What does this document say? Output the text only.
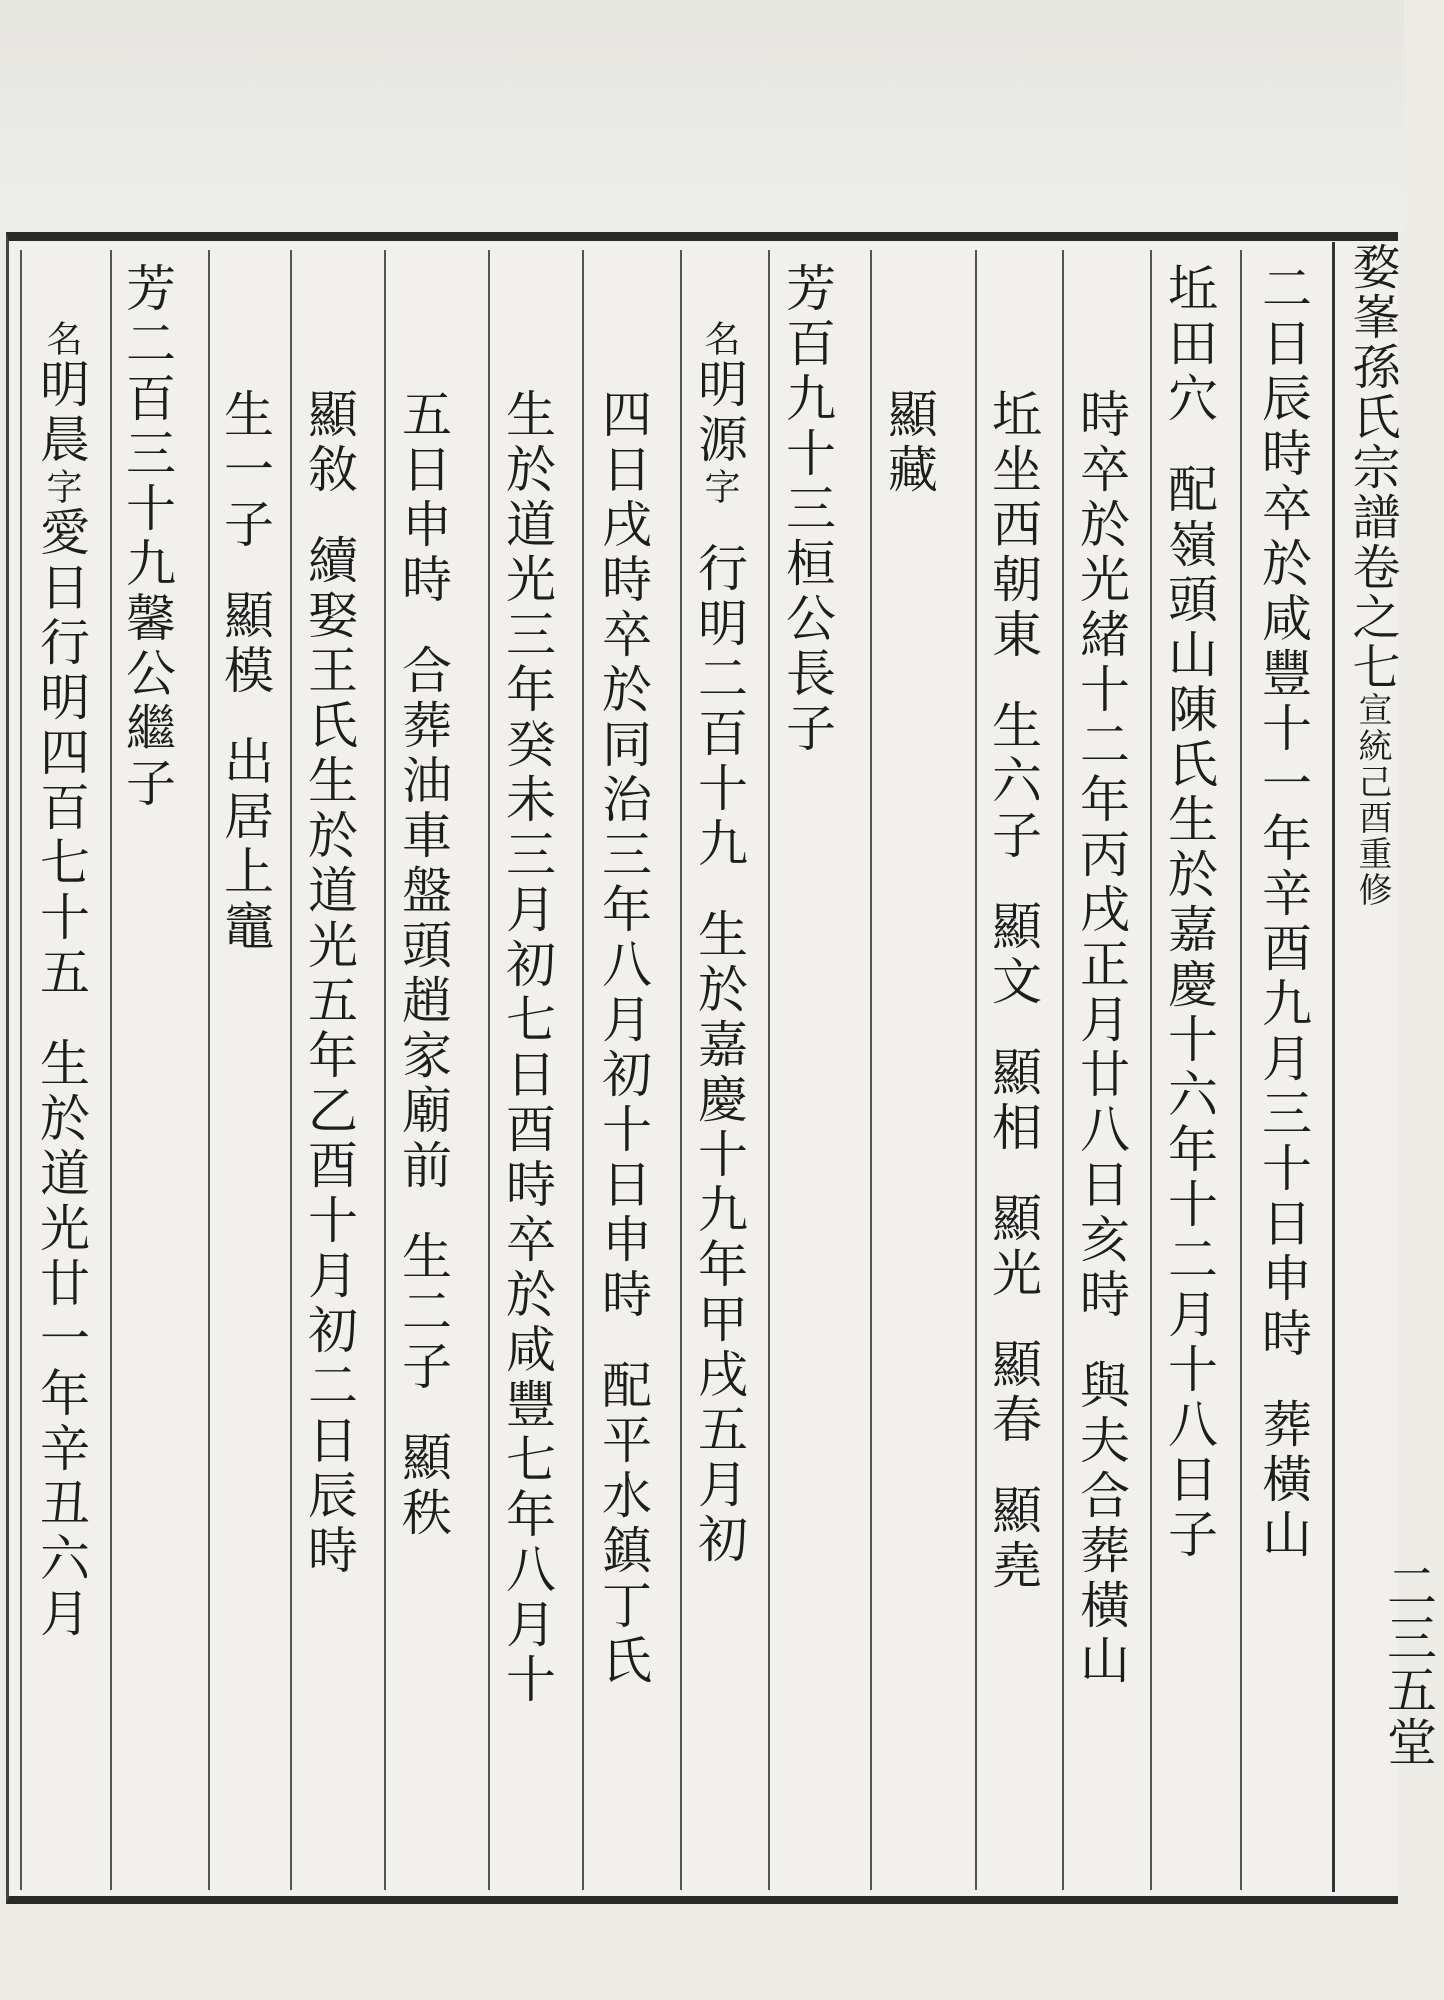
婺峯孫氏宗譜卷之七宣統己酉重修
二三五堂
二日辰時卒於咸豐十一年辛酉九月三十日申時葬橫山
坵田穴配嶺頭山陳氏生於嘉慶十六年十二月十八日子
時卒於光緒十二年丙戌正月廿八日亥時與夫合葬橫山
坵坐西朝東生六子顯文顯相顯光顯春顯堯
顯藏
芳百九十三桓公長子
名明源字行明二百十九生於嘉慶十九年甲戌五月初
四日戌時卒於同治三年八月初十日申時配平水鎮丁氏
生於道光三年癸未三月初七日酉時卒於咸豐七年八月十
五日申時合葬油車盤頭趙家廟前生二子顯秩
顯敘續娶王氏生於道光五年乙酉十月初二日辰時
生一子顯模出居上竈
芳二百三十九馨公繼子
名明晨字愛日行明四百七十五生於道光廿一年辛丑六月
